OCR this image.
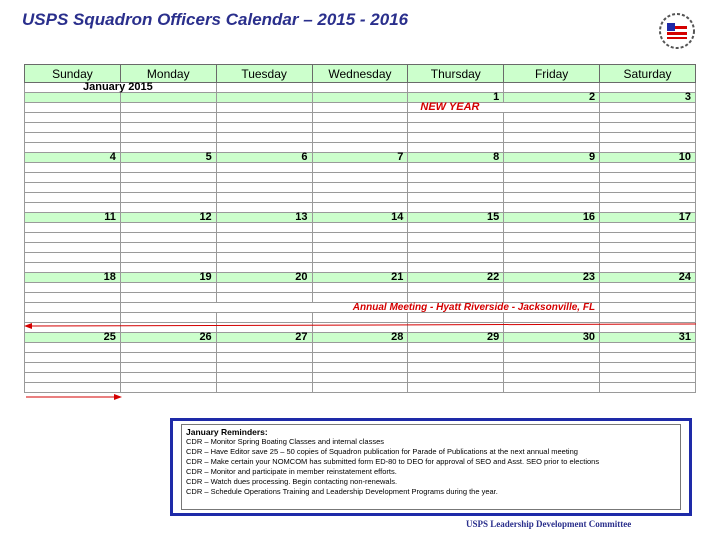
USPS Squadron Officers Calendar – 2015 - 2016
Sunday	Monday	Tuesday	Wednesday	Thursday	Friday	Saturday
January 2015						
				1	2	3
				NEW YEAR		

4	5	6	7	8	9	10

11	12	13	14	15	16	17

18	19	20	21	22	23	24

	Annual Meeting - Hyatt Riverside - Jacksonville, FL					

25	26	27	28	29	30	31

January Reminders:
CDR – Monitor Spring Boating Classes and internal classes
CDR – Have Editor save 25 – 50 copies of Squadron publication for Parade of Publications at the next annual meeting
CDR – Make certain your NOMCOM has submitted form ED-80 to DEO for approval of SEO and Asst. SEO prior to elections
CDR – Monitor and participate in member reinstatement efforts.
CDR – Watch dues processing. Begin contacting non-renewals.
CDR – Schedule Operations Training and Leadership Development Programs during the year.
USPS Leadership Development Committee
